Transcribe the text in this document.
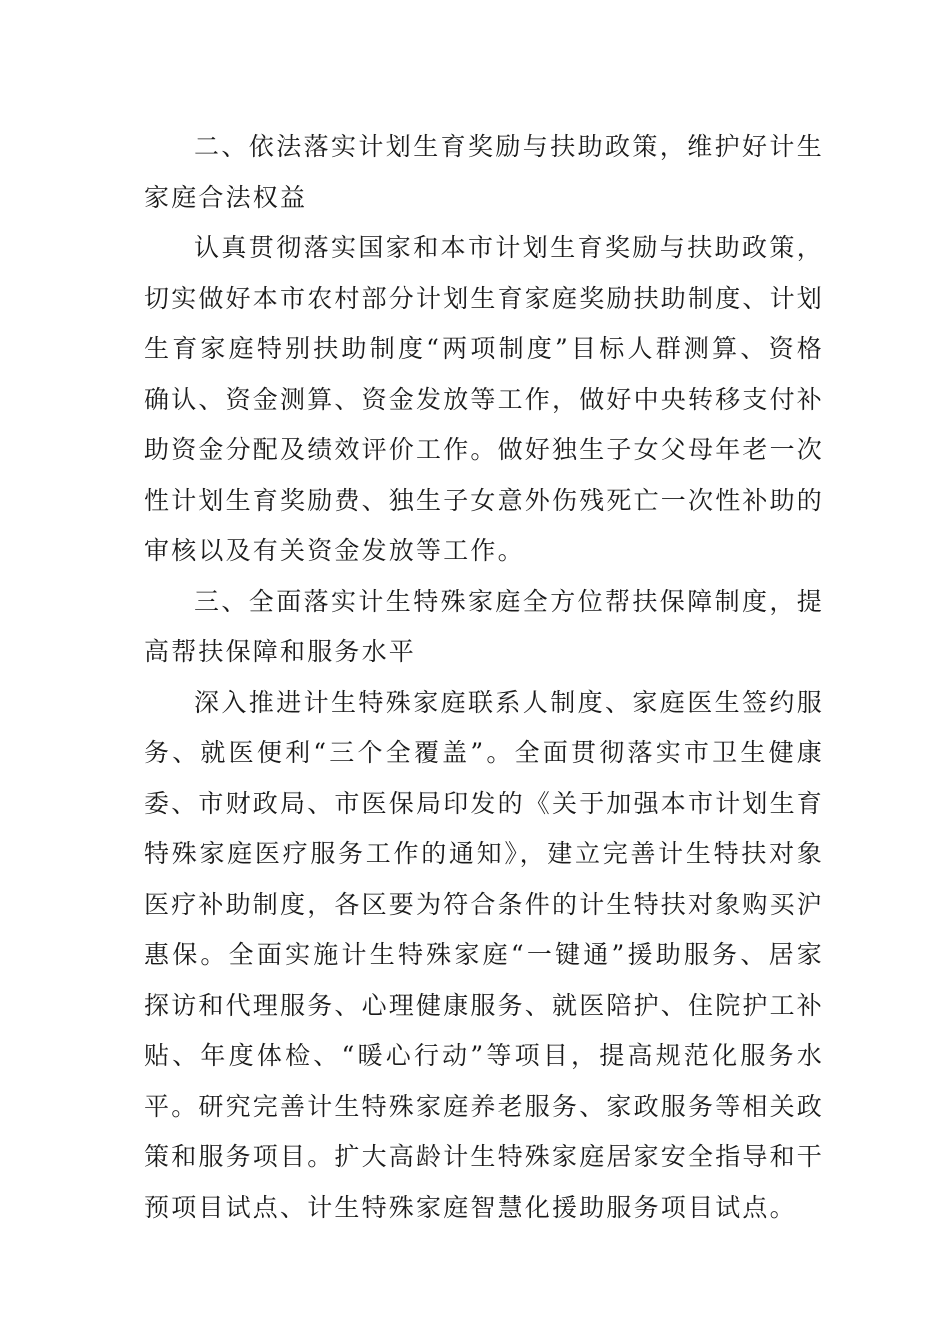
二、依法落实计划生育奖励与扶助政策，维护好计生家庭合法权益

认真贯彻落实国家和本市计划生育奖励与扶助政策，切实做好本市农村部分计划生育家庭奖励扶助制度、计划生育家庭特别扶助制度“两项制度”目标人群测算、资格确认、资金测算、资金发放等工作，做好中央转移支付补助资金分配及绩效评价工作。做好独生子女父母年老一次性计划生育奖励费、独生子女意外伤残死亡一次性补助的审核以及有关资金发放等工作。

三、全面落实计生特殊家庭全方位帮扶保障制度，提高帮扶保障和服务水平

深入推进计生特殊家庭联系人制度、家庭医生签约服务、就医便利“三个全覆盖”。全面贯彻落实市卫生健康委、市财政局、市医保局印发的《关于加强本市计划生育特殊家庭医疗服务工作的通知》，建立完善计生特扶对象医疗补助制度，各区要为符合条件的计生特扶对象购买沪惠保。全面实施计生特殊家庭“一键通”援助服务、居家探访和代理服务、心理健康服务、就医陪护、住院护工补贴、年度体检、“暖心行动”等项目，提高规范化服务水平。研究完善计生特殊家庭养老服务、家政服务等相关政策和服务项目。扩大高龄计生特殊家庭居家安全指导和干预项目试点、计生特殊家庭智慧化援助服务项目试点。
